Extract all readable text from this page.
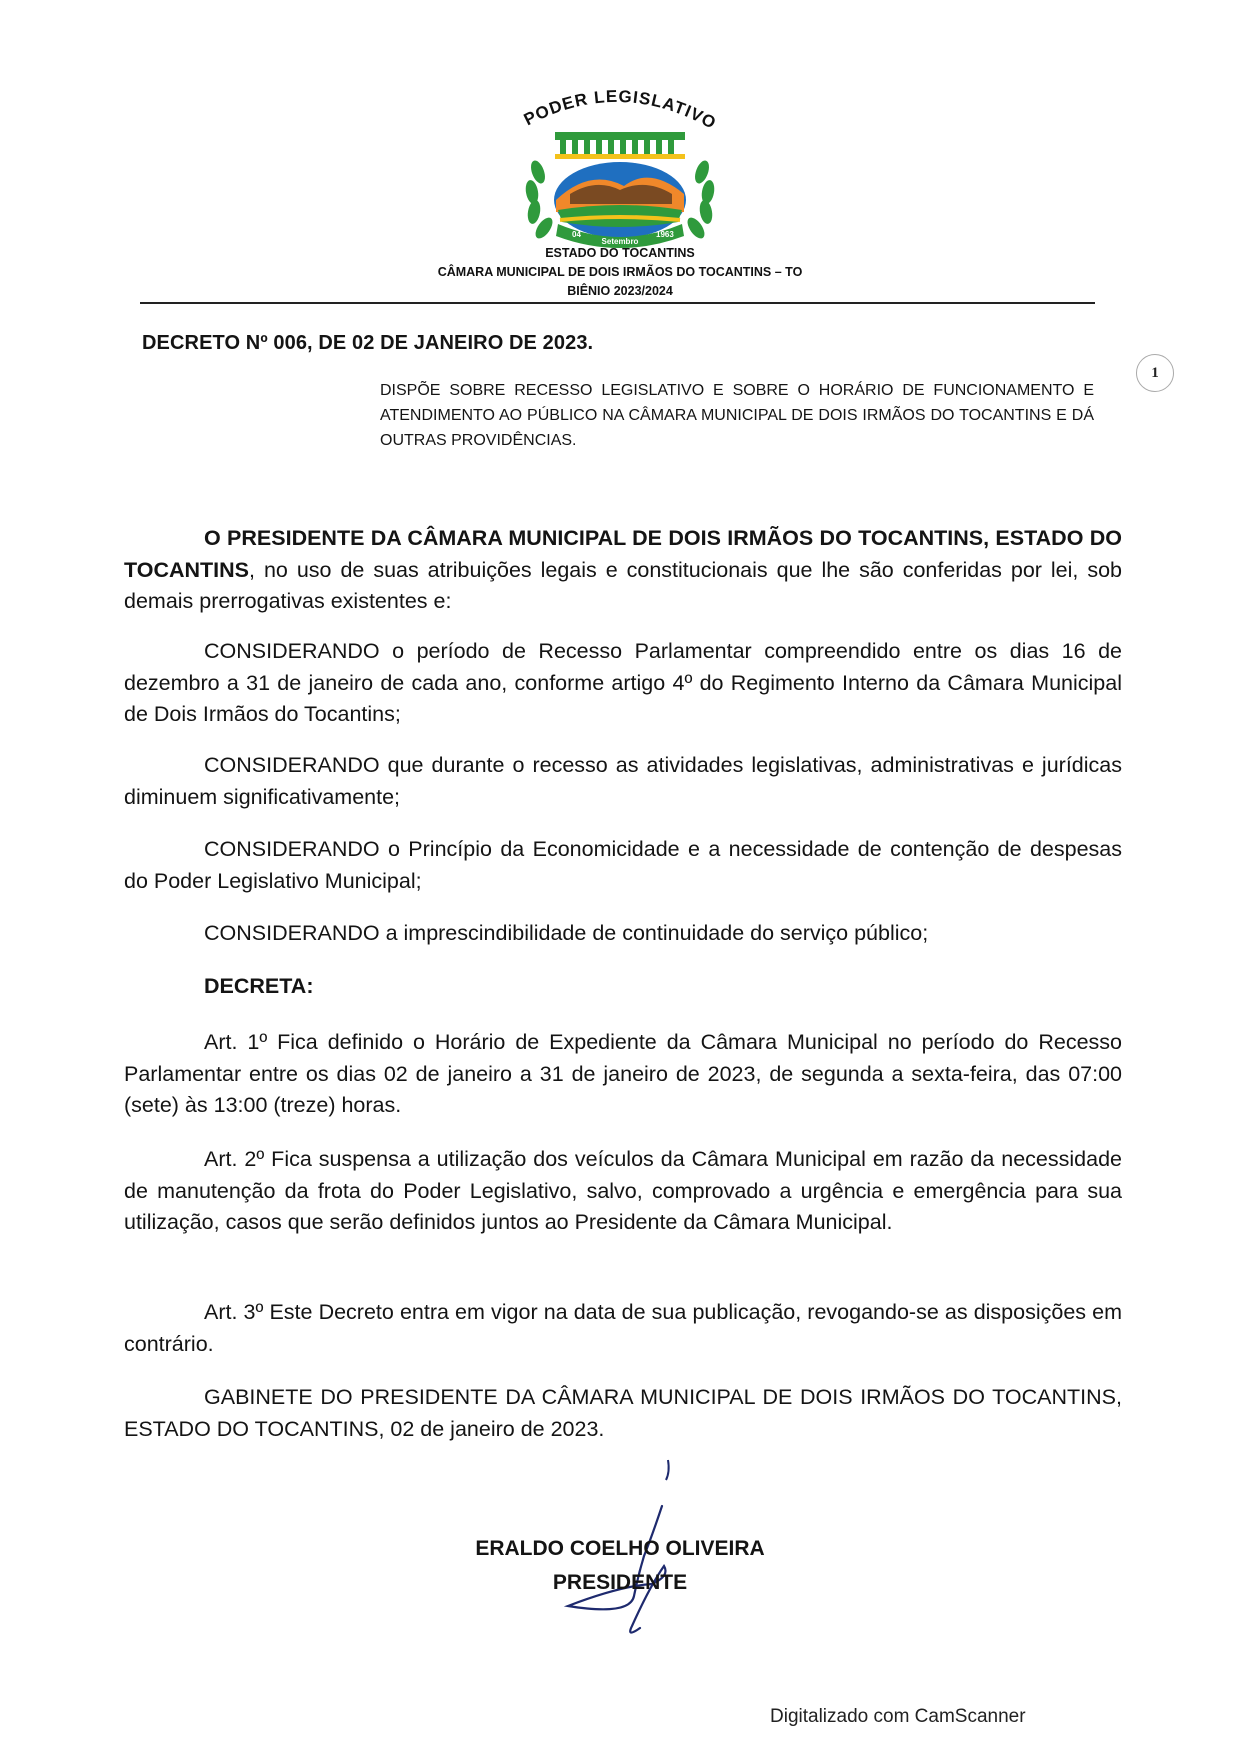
PODER LEGISLATIVO
04
Setembro
1963
ESTADO DO TOCANTINS
CÂMARA MUNICIPAL DE DOIS IRMÃOS DO TOCANTINS – TO
BIÊNIO 2023/2024
1
DECRETO Nº 006, DE 02 DE JANEIRO DE 2023.
DISPÕE SOBRE RECESSO LEGISLATIVO E SOBRE O HORÁRIO DE FUNCIONAMENTO E ATENDIMENTO AO PÚBLICO NA CÂMARA MUNICIPAL DE DOIS IRMÃOS DO TOCANTINS E DÁ OUTRAS PROVIDÊNCIAS.
O PRESIDENTE DA CÂMARA MUNICIPAL DE DOIS IRMÃOS DO TOCANTINS, ESTADO DO TOCANTINS, no uso de suas atribuições legais e constitucionais que lhe são conferidas por lei, sob demais prerrogativas existentes e:
CONSIDERANDO o período de Recesso Parlamentar compreendido entre os dias 16 de dezembro a 31 de janeiro de cada ano, conforme artigo 4º do Regimento Interno da Câmara Municipal de Dois Irmãos do Tocantins;
CONSIDERANDO que durante o recesso as atividades legislativas, administrativas e jurídicas diminuem significativamente;
CONSIDERANDO o Princípio da Economicidade e a necessidade de contenção de despesas do Poder Legislativo Municipal;
CONSIDERANDO a imprescindibilidade de continuidade do serviço público;
DECRETA:
Art. 1º Fica definido o Horário de Expediente da Câmara Municipal no período do Recesso Parlamentar entre os dias 02 de janeiro a 31 de janeiro de 2023, de segunda a sexta-feira, das 07:00 (sete) às 13:00 (treze) horas.
Art. 2º Fica suspensa a utilização dos veículos da Câmara Municipal em razão da necessidade de manutenção da frota do Poder Legislativo, salvo, comprovado a urgência e emergência para sua utilização, casos que serão definidos juntos ao Presidente da Câmara Municipal.
Art. 3º Este Decreto entra em vigor na data de sua publicação, revogando-se as disposições em contrário.
GABINETE DO PRESIDENTE DA CÂMARA MUNICIPAL DE DOIS IRMÃOS DO TOCANTINS, ESTADO DO TOCANTINS, 02 de janeiro de 2023.
ERALDO COELHO OLIVEIRA
PRESIDENTE
Digitalizado com CamScanner
